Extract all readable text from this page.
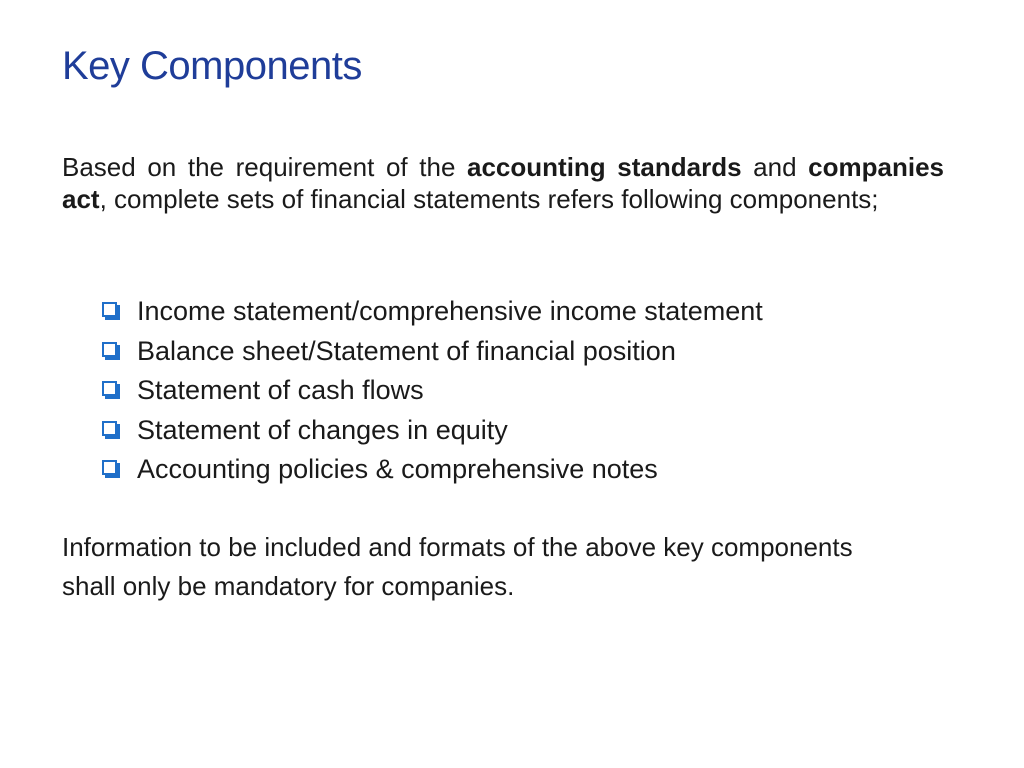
Key Components

Based on the requirement of the accounting standards and companies act, complete sets of financial statements refers following components;

Income statement/comprehensive income statement
Balance sheet/Statement of financial position
Statement of cash flows
Statement of changes in equity
Accounting policies & comprehensive notes

Information to be included and formats of the above key components shall only be mandatory for companies.
